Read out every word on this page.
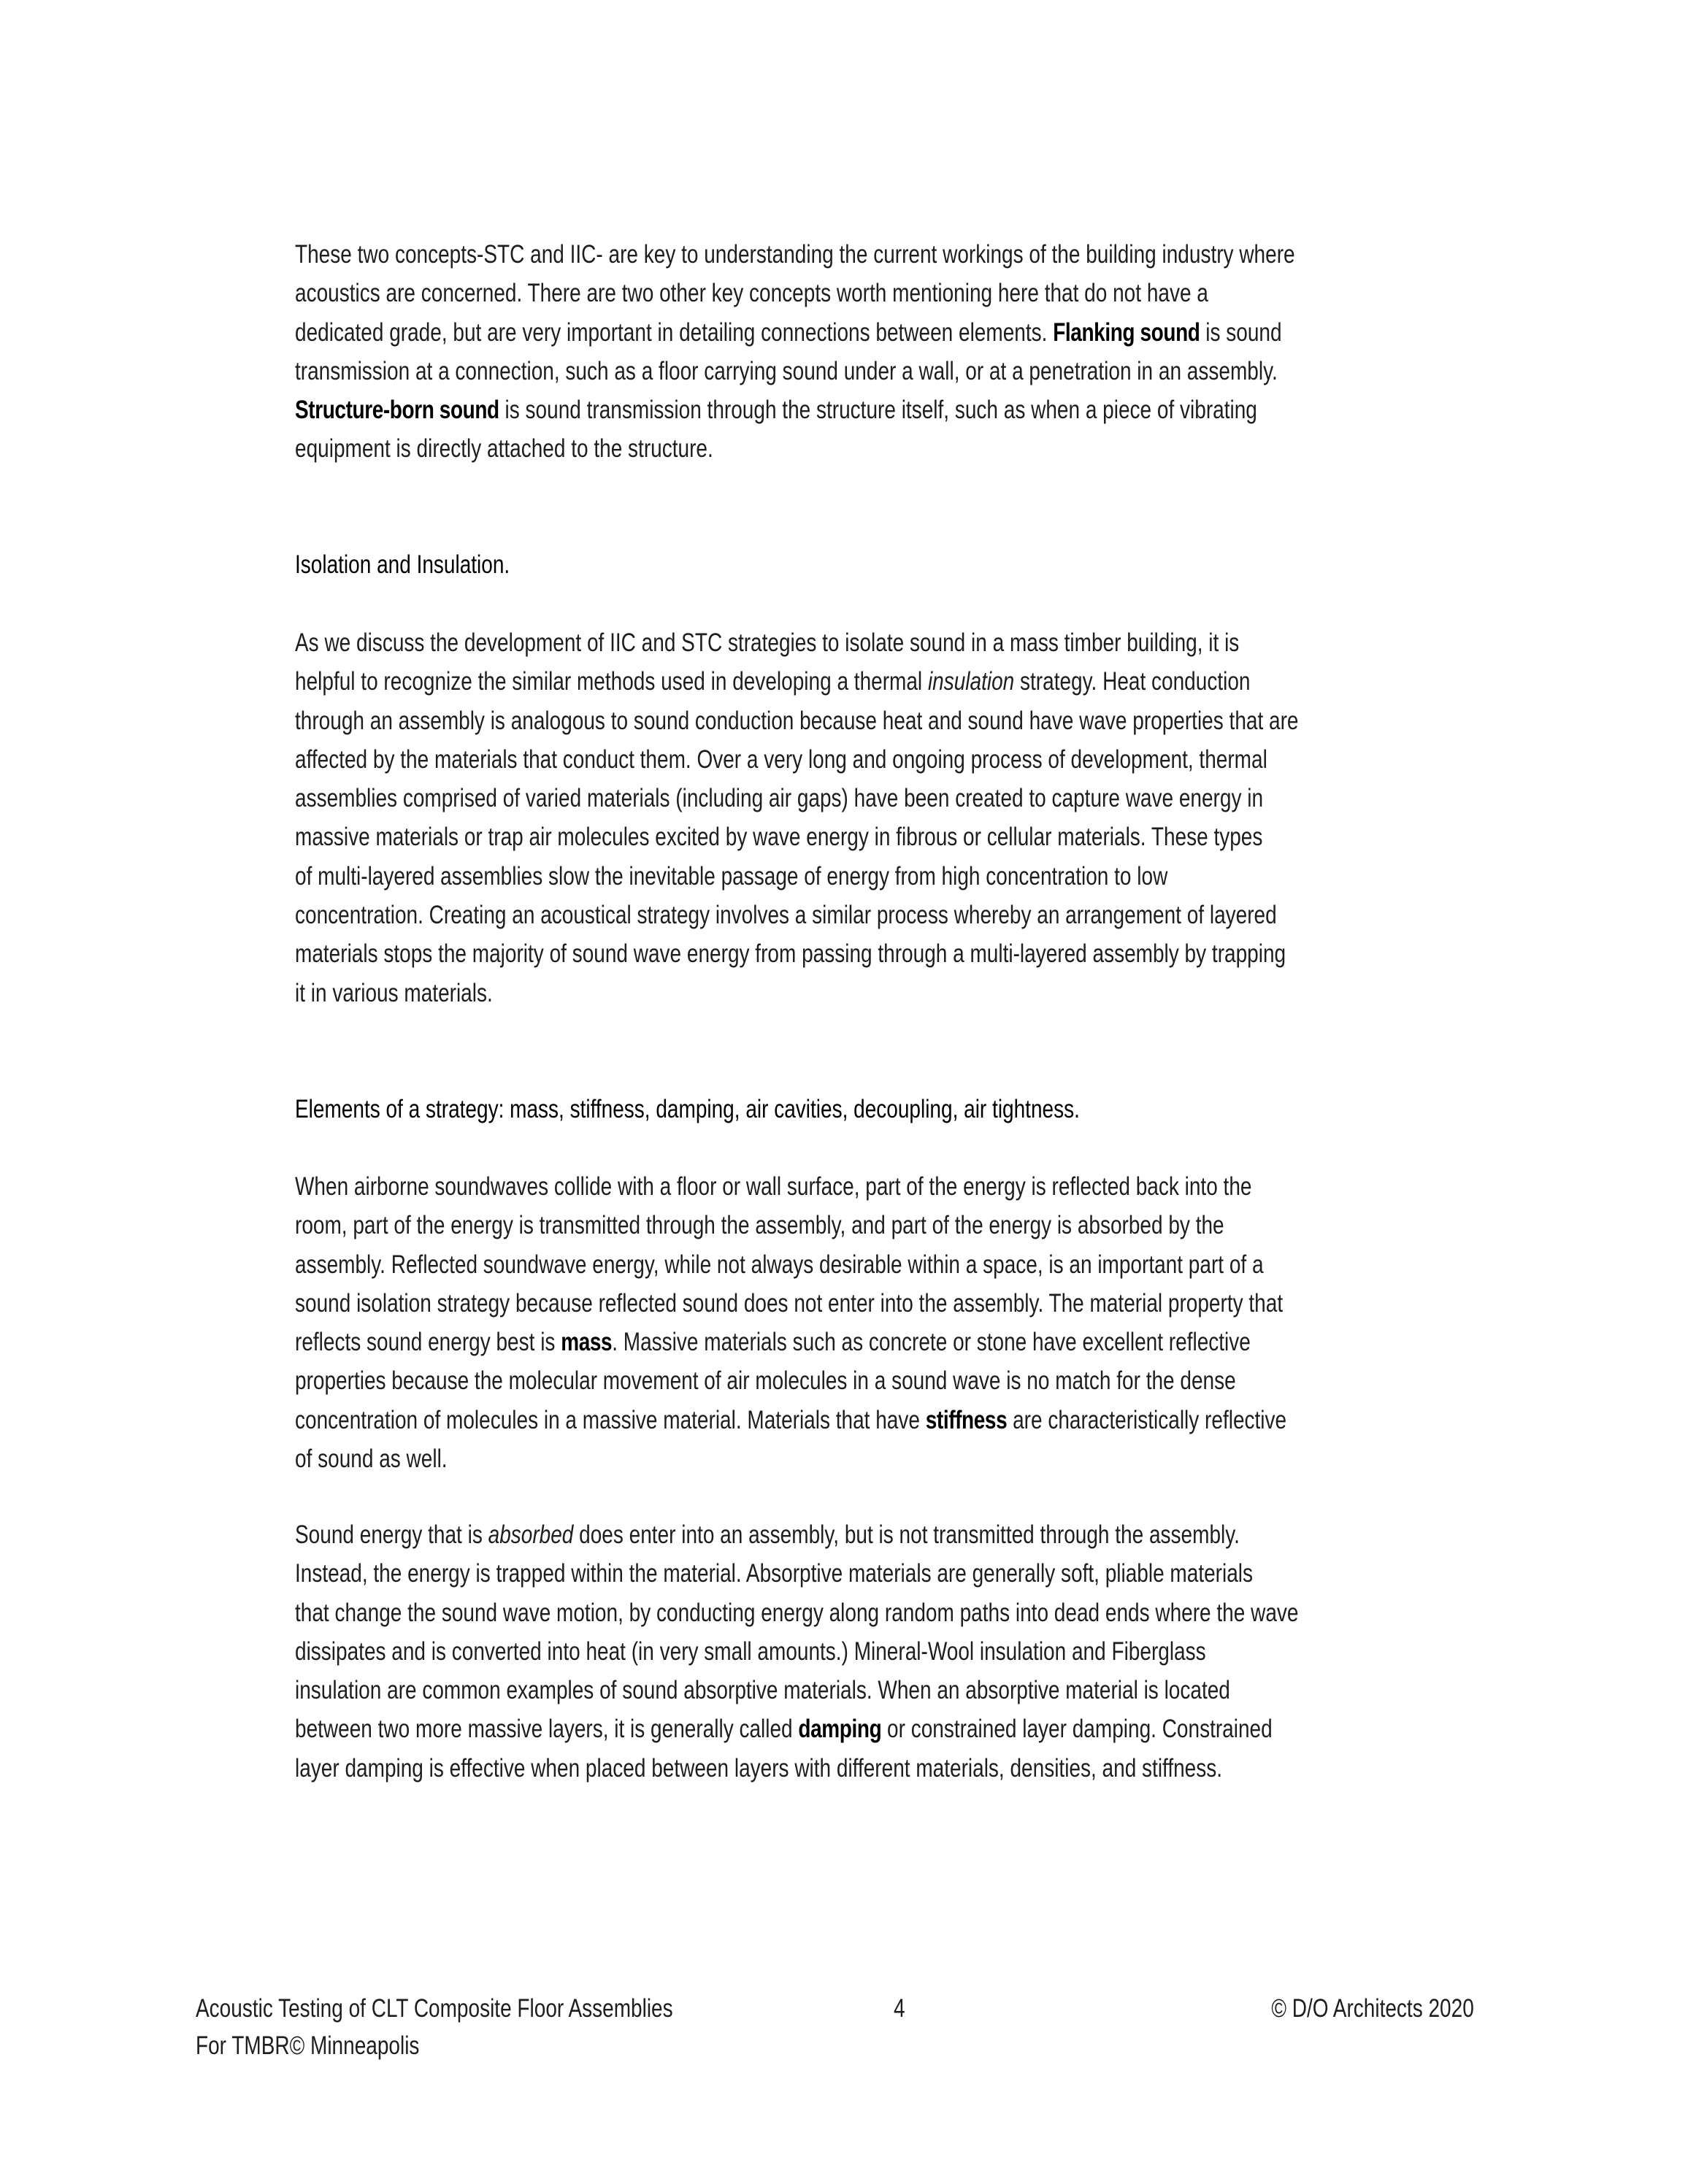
These two concepts-STC and IIC- are key to understanding the current workings of the building industry where
acoustics are concerned. There are two other key concepts worth mentioning here that do not have a
dedicated grade, but are very important in detailing connections between elements. Flanking sound is sound
transmission at a connection, such as a floor carrying sound under a wall, or at a penetration in an assembly.
Structure-born sound is sound transmission through the structure itself, such as when a piece of vibrating
equipment is directly attached to the structure.
Isolation and Insulation.
As we discuss the development of IIC and STC strategies to isolate sound in a mass timber building, it is
helpful to recognize the similar methods used in developing a thermal insulation strategy. Heat conduction
through an assembly is analogous to sound conduction because heat and sound have wave properties that are
affected by the materials that conduct them. Over a very long and ongoing process of development, thermal
assemblies comprised of varied materials (including air gaps) have been created to capture wave energy in
massive materials or trap air molecules excited by wave energy in fibrous or cellular materials. These types
of multi-layered assemblies slow the inevitable passage of energy from high concentration to low
concentration. Creating an acoustical strategy involves a similar process whereby an arrangement of layered
materials stops the majority of sound wave energy from passing through a multi-layered assembly by trapping
it in various materials.
Elements of a strategy: mass, stiffness, damping, air cavities, decoupling, air tightness.
When airborne soundwaves collide with a floor or wall surface, part of the energy is reflected back into the
room, part of the energy is transmitted through the assembly, and part of the energy is absorbed by the
assembly. Reflected soundwave energy, while not always desirable within a space, is an important part of a
sound isolation strategy because reflected sound does not enter into the assembly. The material property that
reflects sound energy best is mass. Massive materials such as concrete or stone have excellent reflective
properties because the molecular movement of air molecules in a sound wave is no match for the dense
concentration of molecules in a massive material. Materials that have stiffness are characteristically reflective
of sound as well.
Sound energy that is absorbed does enter into an assembly, but is not transmitted through the assembly.
Instead, the energy is trapped within the material. Absorptive materials are generally soft, pliable materials
that change the sound wave motion, by conducting energy along random paths into dead ends where the wave
dissipates and is converted into heat (in very small amounts.) Mineral-Wool insulation and Fiberglass
insulation are common examples of sound absorptive materials. When an absorptive material is located
between two more massive layers, it is generally called damping or constrained layer damping. Constrained
layer damping is effective when placed between layers with different materials, densities, and stiffness.
Acoustic Testing of CLT Composite Floor Assemblies
For TMBR© Minneapolis
4	© D/O Architects 2020
